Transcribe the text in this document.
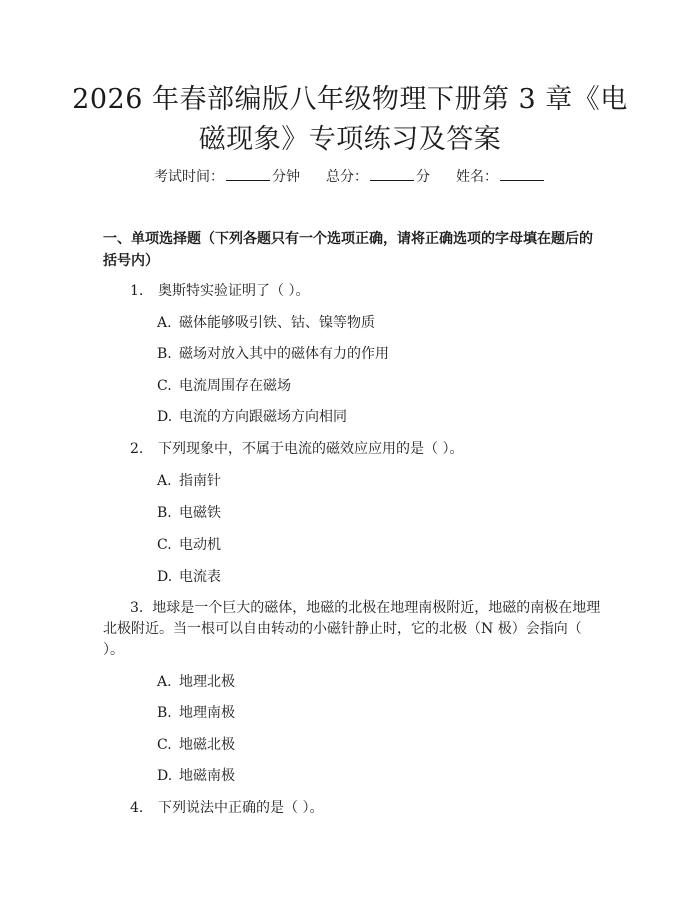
2026 年春部编版八年级物理下册第 3 章《电
磁现象》专项练习及答案
考试时间：	分钟 总分：	分 姓名：
一、单项选择题（下列各题只有一个选项正确，请将正确选项的字母填在题后的括号内）
1. 奥斯特实验证明了（ ）。
A. 磁体能够吸引铁、钴、镍等物质
B. 磁场对放入其中的磁体有力的作用
C. 电流周围存在磁场
D. 电流的方向跟磁场方向相同
2. 下列现象中，不属于电流的磁效应应用的是（ ）。
A. 指南针
B. 电磁铁
C. 电动机
D. 电流表
3. 地球是一个巨大的磁体，地磁的北极在地理南极附近，地磁的南极在地理北极附近。当一根可以自由转动的小磁针静止时，它的北极（N 极）会指向（ ）。
A. 地理北极
B. 地理南极
C. 地磁北极
D. 地磁南极
4. 下列说法中正确的是（ ）。
